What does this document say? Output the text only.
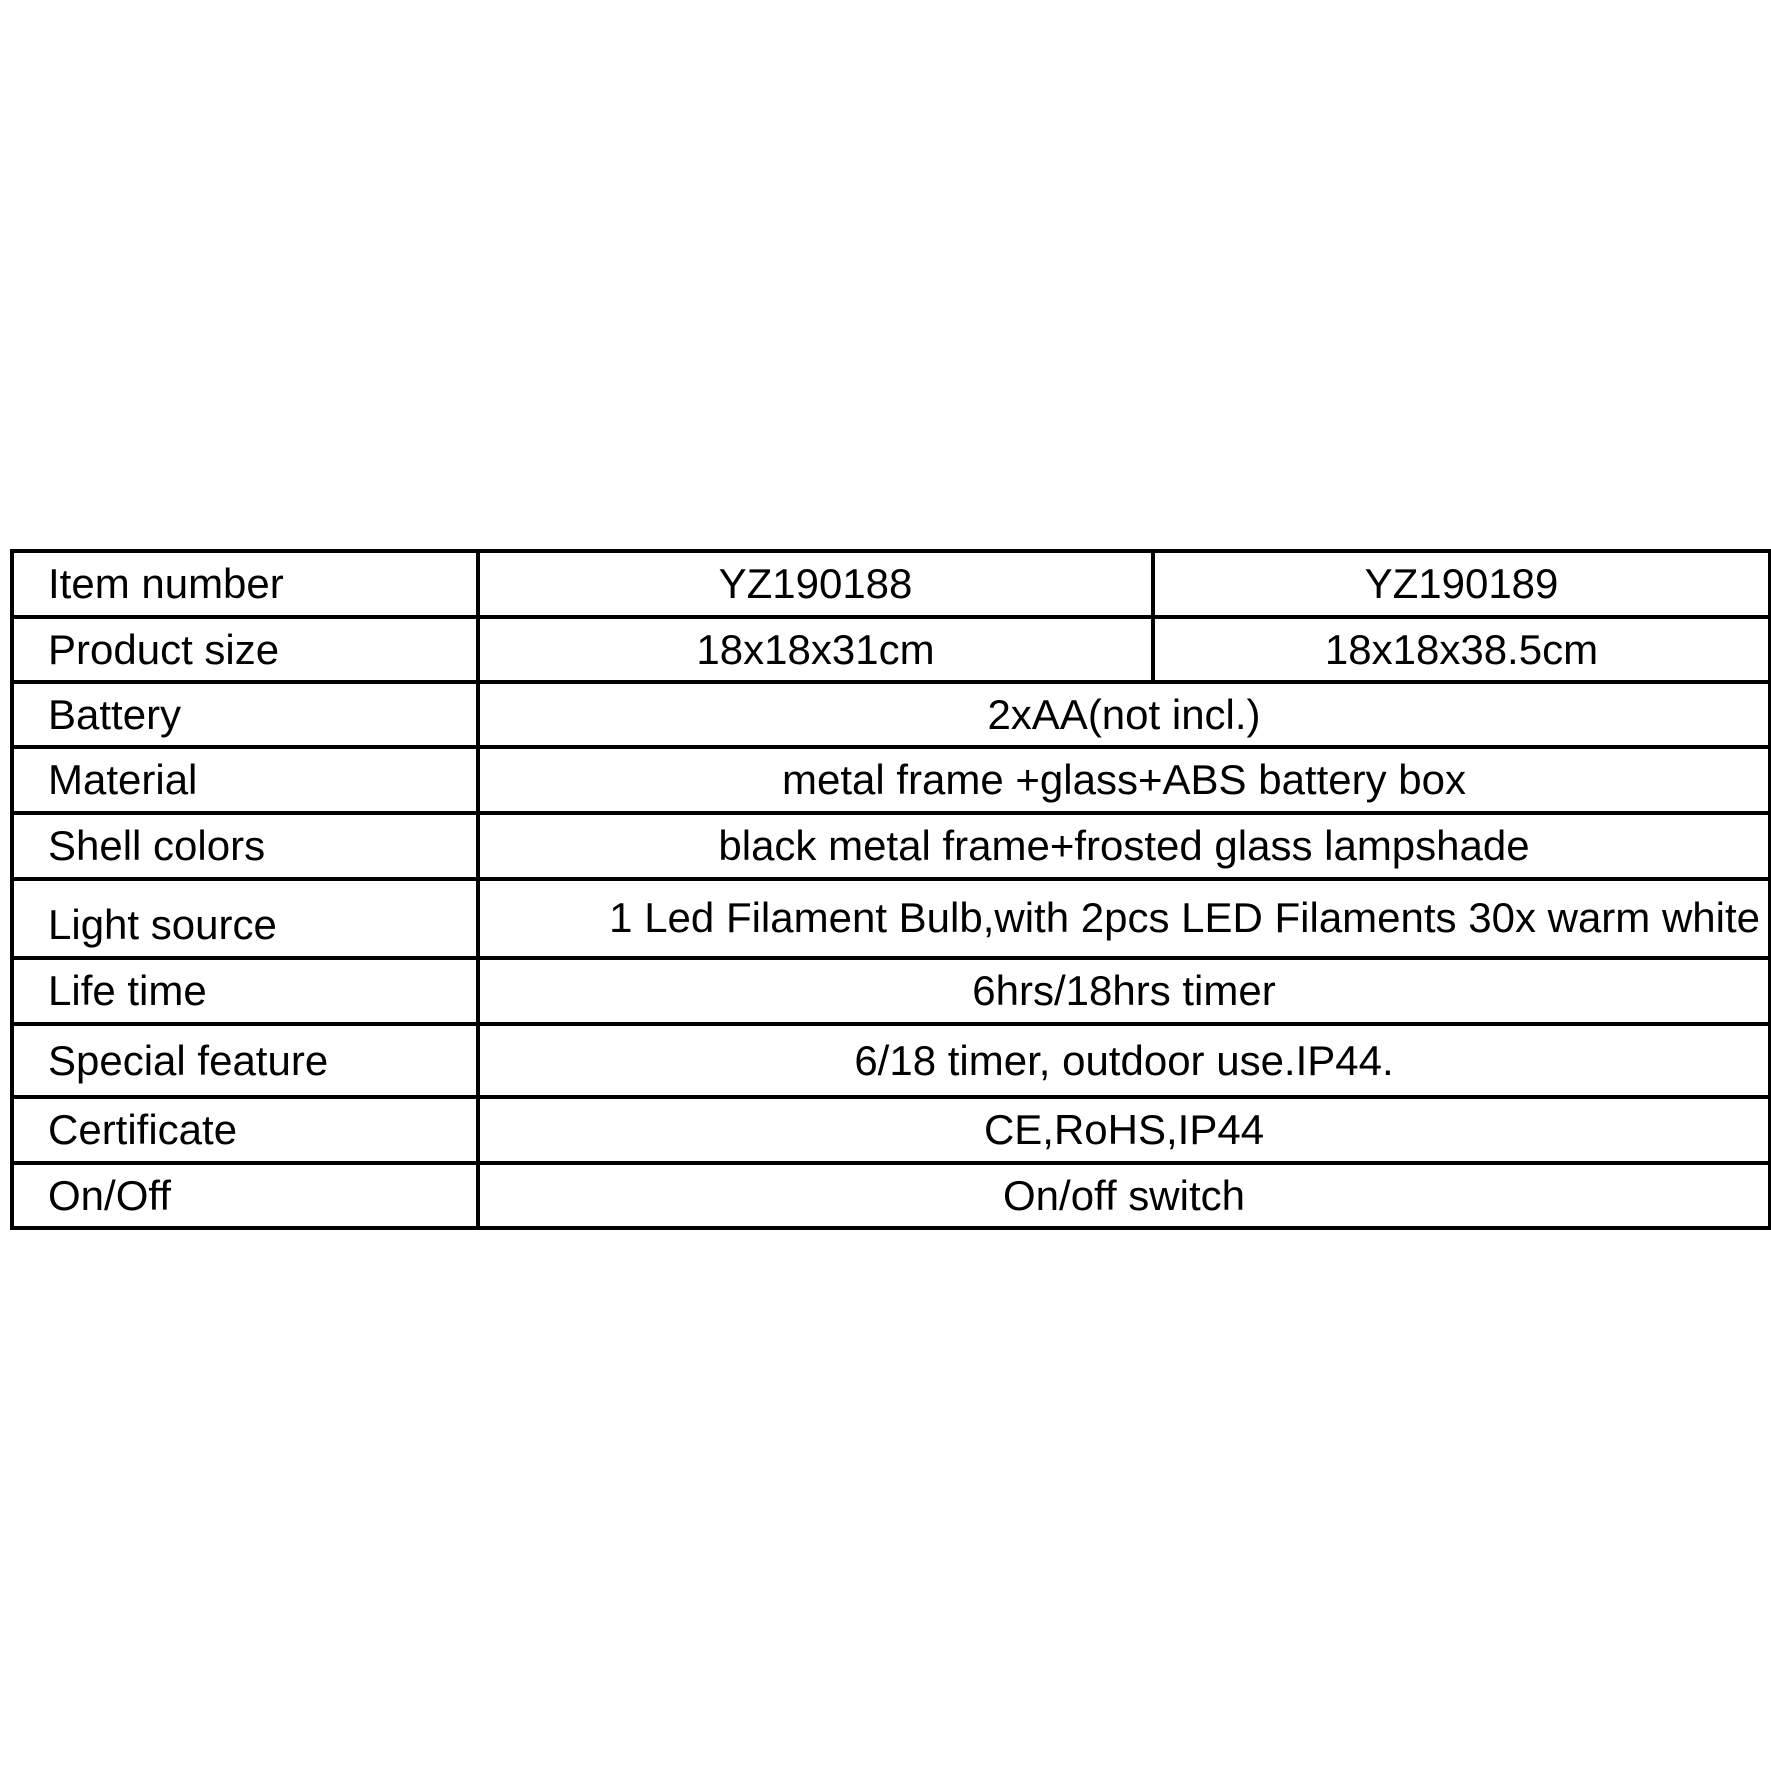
Item number	YZ190188	YZ190189
Product size	18x18x31cm	18x18x38.5cm
Battery	2xAA(not incl.)	
Material	metal frame +glass+ABS battery box	
Shell colors	black metal frame+frosted glass lampshade	
Light source	1 Led Filament Bulb,with 2pcs LED Filaments 30x warm white	
Life time	6hrs/18hrs timer	
Special feature	6/18 timer, outdoor use.IP44.	
Certificate	CE,RoHS,IP44	
On/Off	On/off switch	
